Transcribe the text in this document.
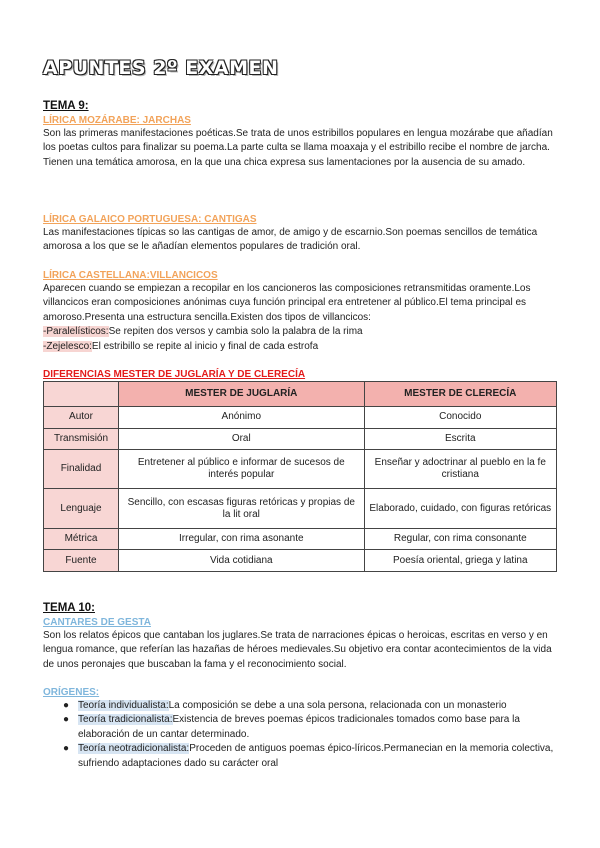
APUNTES 2º EXAMEN
TEMA 9:
LÍRICA MOZÁRABE: JARCHAS

Son las primeras manifestaciones poéticas.Se trata de unos estribillos populares en lengua mozárabe que añadían los poetas cultos para finalizar su poema.La parte culta se llama moaxaja y el estribillo recibe el nombre de jarcha.

Tienen una temática amorosa, en la que una chica expresa sus lamentaciones por la ausencia de su amado.

LÍRICA GALAICO PORTUGUESA: CANTIGAS

Las manifestaciones típicas so las cantigas de amor, de amigo y de escarnio.Son poemas sencillos de temática amorosa a los que se le añadían elementos populares de tradición oral.

LÍRICA CASTELLANA:VILLANCICOS

Aparecen cuando se empiezan a recopilar en los cancioneros las composiciones retransmitidas oramente.Los villancicos eran composiciones anónimas cuya función principal era entretener al público.El tema principal es amoroso.Presenta una estructura sencilla.Existen dos tipos de villancicos:

-Paralelísticos:Se repiten dos versos y cambia solo la palabra de la rima

-Zejelesco:El estribillo se repite al inicio y final de cada estrofa

DIFERENCIAS MESTER DE JUGLARÍA Y DE CLERECÍA
	MESTER DE JUGLARÍA	MESTER DE CLERECÍA
Autor	Anónimo	Conocido
Transmisión	Oral	Escrita
Finalidad	Entretener al público e informar de sucesos de interés popular	Enseñar y adoctrinar al pueblo en la fe cristiana
Lenguaje	Sencillo, con escasas figuras retóricas y propias de la lit oral	Elaborado, cuidado, con figuras retóricas
Métrica	Irregular, con rima asonante	Regular, con rima consonante
Fuente	Vida cotidiana	Poesía oriental, griega y latina
TEMA 10:
CANTARES DE GESTA

Son los relatos épicos que cantaban los juglares.Se trata de narraciones épicas o heroicas, escritas en verso y en lengua romance, que referían las hazañas de héroes medievales.Su objetivo era contar acontecimientos de la vida de unos peronajes que buscaban la fama y el reconocimiento social.

ORÍGENES:
● Teoría individualista:La composición se debe a una sola persona, relacionada con un monasterio
● Teoría tradicionalista:Existencia de breves poemas épicos tradicionales tomados como base para la elaboración de un cantar determinado.
● Teoría neotradicionalista:Proceden de antiguos poemas épico-líricos.Permanecian en la memoria colectiva, sufriendo adaptaciones dado su carácter oral
